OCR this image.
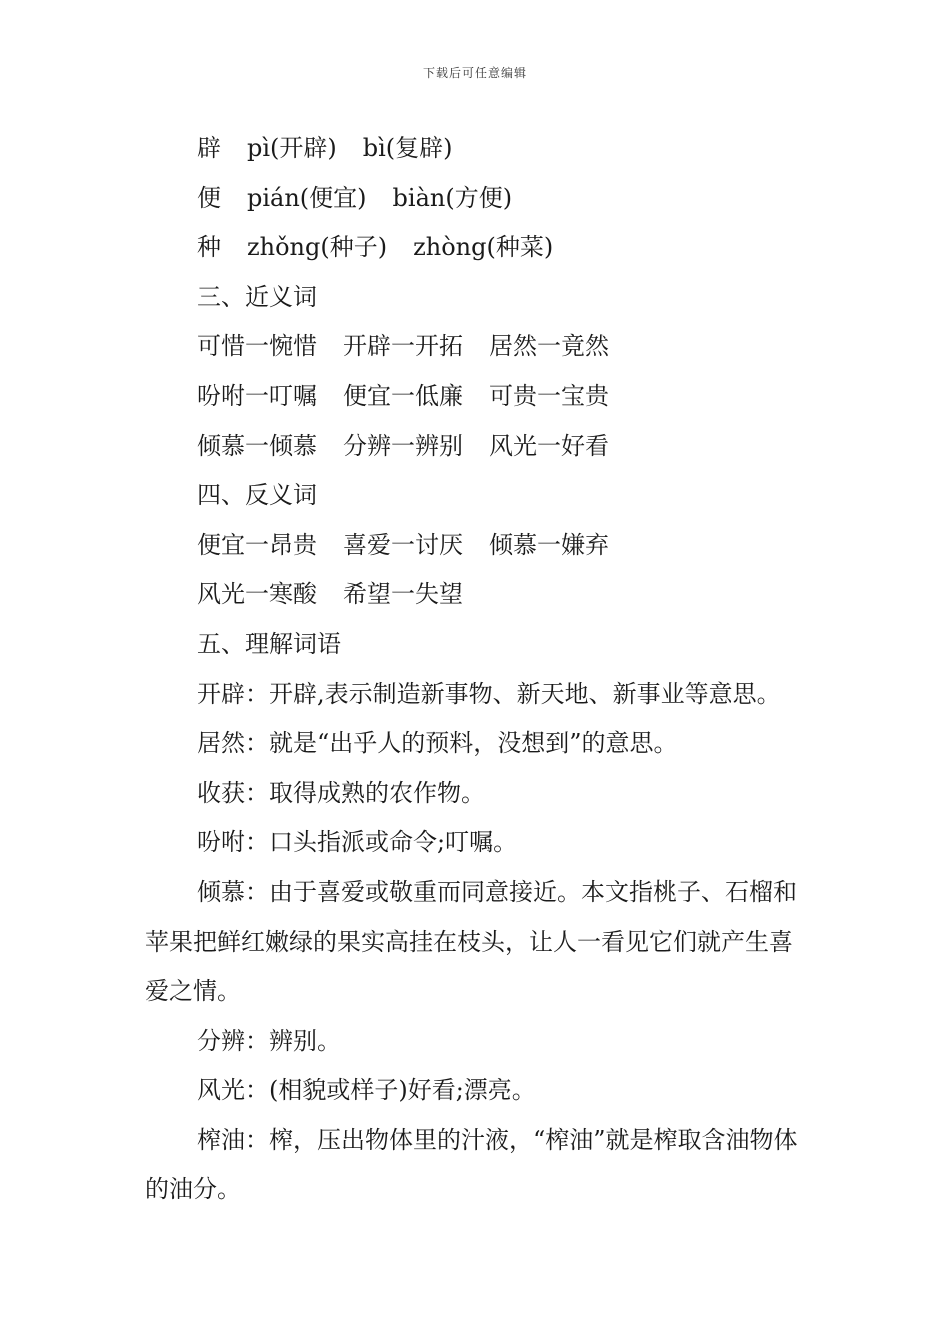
下载后可任意编辑
辟 pì(开辟) bì(复辟)
便 pián(便宜) biàn(方便)
种 zhǒng(种子) zhòng(种菜)
三、近义词
可惜一惋惜 开辟一开拓 居然一竟然
吩咐一叮嘱 便宜一低廉 可贵一宝贵
倾慕一倾慕 分辨一辨别 风光一好看
四、反义词
便宜一昂贵 喜爱一讨厌 倾慕一嫌弃
风光一寒酸 希望一失望
五、理解词语
开辟：开辟,表示制造新事物、新天地、新事业等意思。
居然：就是“出乎人的预料，没想到”的意思。
收获：取得成熟的农作物。
吩咐：口头指派或命令;叮嘱。

倾慕：由于喜爱或敬重而同意接近。本文指桃子、石榴和苹果把鲜红嫩绿的果实高挂在枝头，让人一看见它们就产生喜爱之情。

分辨：辨别。
风光：(相貌或样子)好看;漂亮。

榨油：榨，压出物体里的汁液，“榨油”就是榨取含油物体的油分。
